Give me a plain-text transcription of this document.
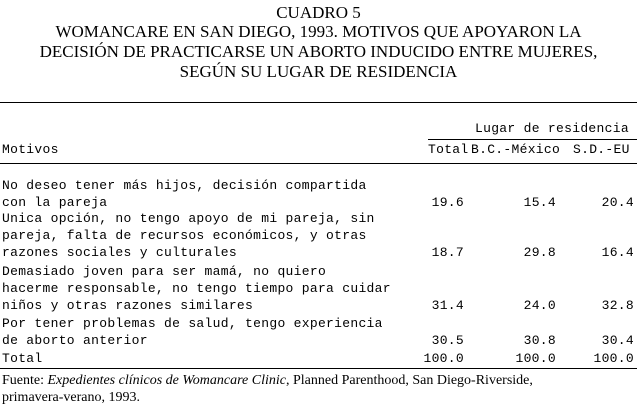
CUADRO 5
WOMANCARE EN SAN DIEGO, 1993. MOTIVOS QUE APOYARON LA
DECISIÓN DE PRACTICARSE UN ABORTO INDUCIDO ENTRE MUJERES,
SEGÚN SU LUGAR DE RESIDENCIA
Lugar de residencia
Motivos	Total B.C.-México S.D.-EU
No deseo tener más hijos, decisión compartida
con la pareja	19.6	15.4	20.4
Unica opción, no tengo apoyo de mi pareja, sin
pareja, falta de recursos económicos, y otras
razones sociales y culturales	18.7	29.8	16.4
Demasiado joven para ser mamá, no quiero
hacerme responsable, no tengo tiempo para cuidar
niños y otras razones similares	31.4	24.0	32.8
Por tener problemas de salud, tengo experiencia
de aborto anterior	30.5	30.8	30.4
Total	100.0	100.0	100.0
Fuente: Expedientes clínicos de Womancare Clinic, Planned Parenthood, San Diego-Riverside,
primavera-verano, 1993.
